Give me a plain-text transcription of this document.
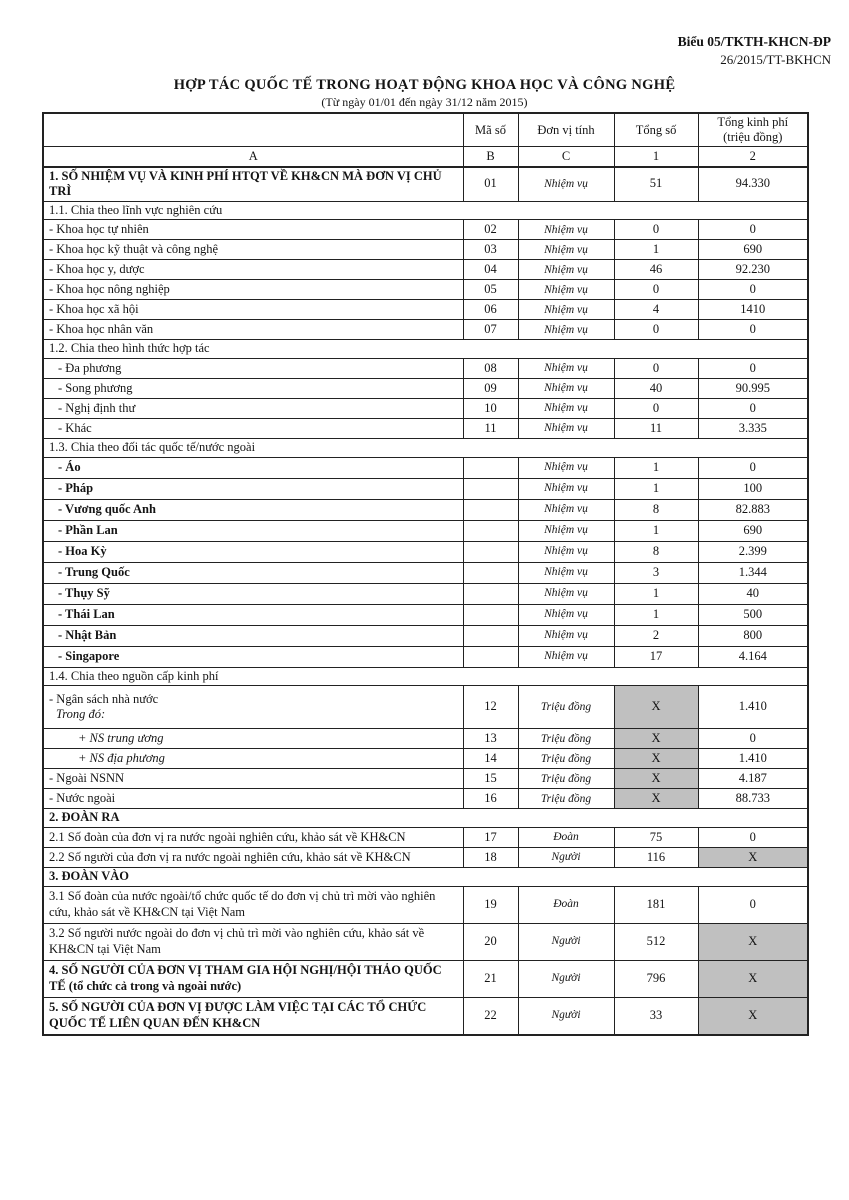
Biểu 05/TKTH-KHCN-ĐP
26/2015/TT-BKHCN
HỢP TÁC QUỐC TẾ TRONG HOẠT ĐỘNG KHOA HỌC VÀ CÔNG NGHỆ
(Từ ngày 01/01 đến ngày 31/12 năm 2015)
	Mã số	Đơn vị tính	Tổng số	Tổng kinh phí (triệu đồng)
A	B	C	1	2

1. SỐ NHIỆM VỤ VÀ KINH PHÍ HTQT VỀ KH&CN MÀ ĐƠN VỊ CHỦ TRÌ	01	Nhiệm vụ	51	94.330
1.1. Chia theo lĩnh vực nghiên cứu				

- Khoa học tự nhiên	02	Nhiệm vụ	0	0

- Khoa học kỹ thuật và công nghệ	03	Nhiệm vụ	1	690

- Khoa học y, dược	04	Nhiệm vụ	46	92.230

- Khoa học nông nghiệp	05	Nhiệm vụ	0	0

- Khoa học xã hội	06	Nhiệm vụ	4	1410

- Khoa học nhân văn	07	Nhiệm vụ	0	0
1.2. Chia theo hình thức hợp tác				

- Đa phương	08	Nhiệm vụ	0	0

- Song phương	09	Nhiệm vụ	40	90.995

- Nghị định thư	10	Nhiệm vụ	0	0

- Khác	11	Nhiệm vụ	11	3.335
1.3. Chia theo đối tác quốc tế/nước ngoài				

- Áo		Nhiệm vụ	1	0

- Pháp		Nhiệm vụ	1	100

- Vương quốc Anh		Nhiệm vụ	8	82.883

- Phần Lan		Nhiệm vụ	1	690

- Hoa Kỳ		Nhiệm vụ	8	2.399

- Trung Quốc		Nhiệm vụ	3	1.344

- Thụy Sỹ		Nhiệm vụ	1	40

- Thái Lan		Nhiệm vụ	1	500

- Nhật Bản		Nhiệm vụ	2	800

- Singapore		Nhiệm vụ	17	4.164
1.4. Chia theo nguồn cấp kinh phí				

- Ngân sách nhà nước
Trong đó:	12	Triệu đồng	X	1.410

+ NS trung ương	13	Triệu đồng	X	0

+ NS địa phương	14	Triệu đồng	X	1.410

- Ngoài NSNN	15	Triệu đồng	X	4.187

- Nước ngoài	16	Triệu đồng	X	88.733
2. ĐOÀN RA				

2.1 Số đoàn của đơn vị ra nước ngoài nghiên cứu, khảo sát về KH&CN	17	Đoàn	75	0

2.2 Số người của đơn vị ra nước ngoài nghiên cứu, khảo sát về KH&CN	18	Người	116	X
3. ĐOÀN VÀO				

3.1 Số đoàn của nước ngoài/tổ chức quốc tế do đơn vị chủ trì mời vào nghiên cứu, khảo sát về KH&CN tại Việt Nam	19	Đoàn	181	0

3.2 Số người nước ngoài do đơn vị chủ trì mời vào nghiên cứu, khảo sát về KH&CN tại Việt Nam	20	Người	512	X

4. SỐ NGƯỜI CỦA ĐƠN VỊ THAM GIA HỘI NGHỊ/HỘI THẢO QUỐC TẾ (tổ chức cả trong và ngoài nước)	21	Người	796	X

5. SỐ NGƯỜI CỦA ĐƠN VỊ ĐƯỢC LÀM VIỆC TẠI CÁC TỔ CHỨC QUỐC TẾ LIÊN QUAN ĐẾN KH&CN	22	Người	33	X
